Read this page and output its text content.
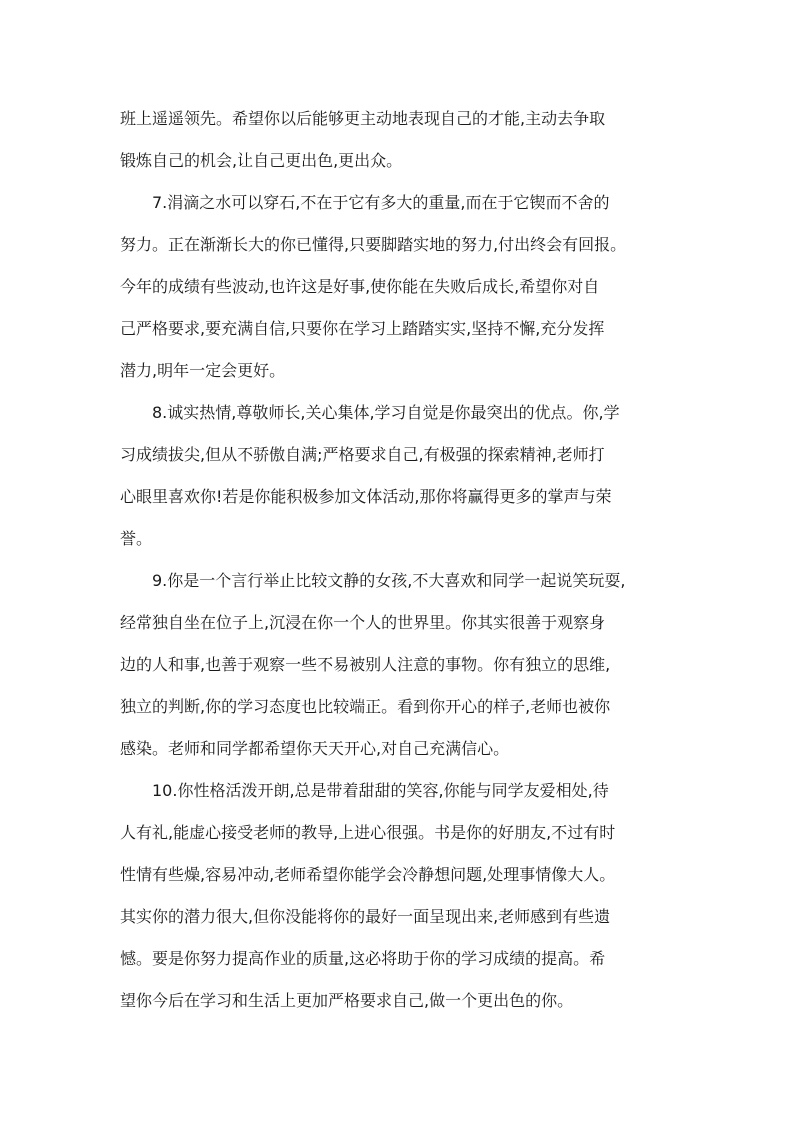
班上遥遥领先。希望你以后能够更主动地表现自己的才能,主动去争取
锻炼自己的机会,让自己更出色,更出众。
7.涓滴之水可以穿石,不在于它有多大的重量,而在于它锲而不舍的
努力。正在渐渐长大的你已懂得,只要脚踏实地的努力,付出终会有回报。
今年的成绩有些波动,也许这是好事,使你能在失败后成长,希望你对自
己严格要求,要充满自信,只要你在学习上踏踏实实,坚持不懈,充分发挥
潜力,明年一定会更好。
8.诚实热情,尊敬师长,关心集体,学习自觉是你最突出的优点。你,学
习成绩拔尖,但从不骄傲自满;严格要求自己,有极强的探索精神,老师打
心眼里喜欢你!若是你能积极参加文体活动,那你将赢得更多的掌声与荣
誉。
9.你是一个言行举止比较文静的女孩,不大喜欢和同学一起说笑玩耍,
经常独自坐在位子上,沉浸在你一个人的世界里。你其实很善于观察身
边的人和事,也善于观察一些不易被别人注意的事物。你有独立的思维,
独立的判断,你的学习态度也比较端正。看到你开心的样子,老师也被你
感染。老师和同学都希望你天天开心,对自己充满信心。
10.你性格活泼开朗,总是带着甜甜的笑容,你能与同学友爱相处,待
人有礼,能虚心接受老师的教导,上进心很强。书是你的好朋友,不过有时
性情有些燥,容易冲动,老师希望你能学会冷静想问题,处理事情像大人。
其实你的潜力很大,但你没能将你的最好一面呈现出来,老师感到有些遗
憾。要是你努力提高作业的质量,这必将助于你的学习成绩的提高。希
望你今后在学习和生活上更加严格要求自己,做一个更出色的你。
